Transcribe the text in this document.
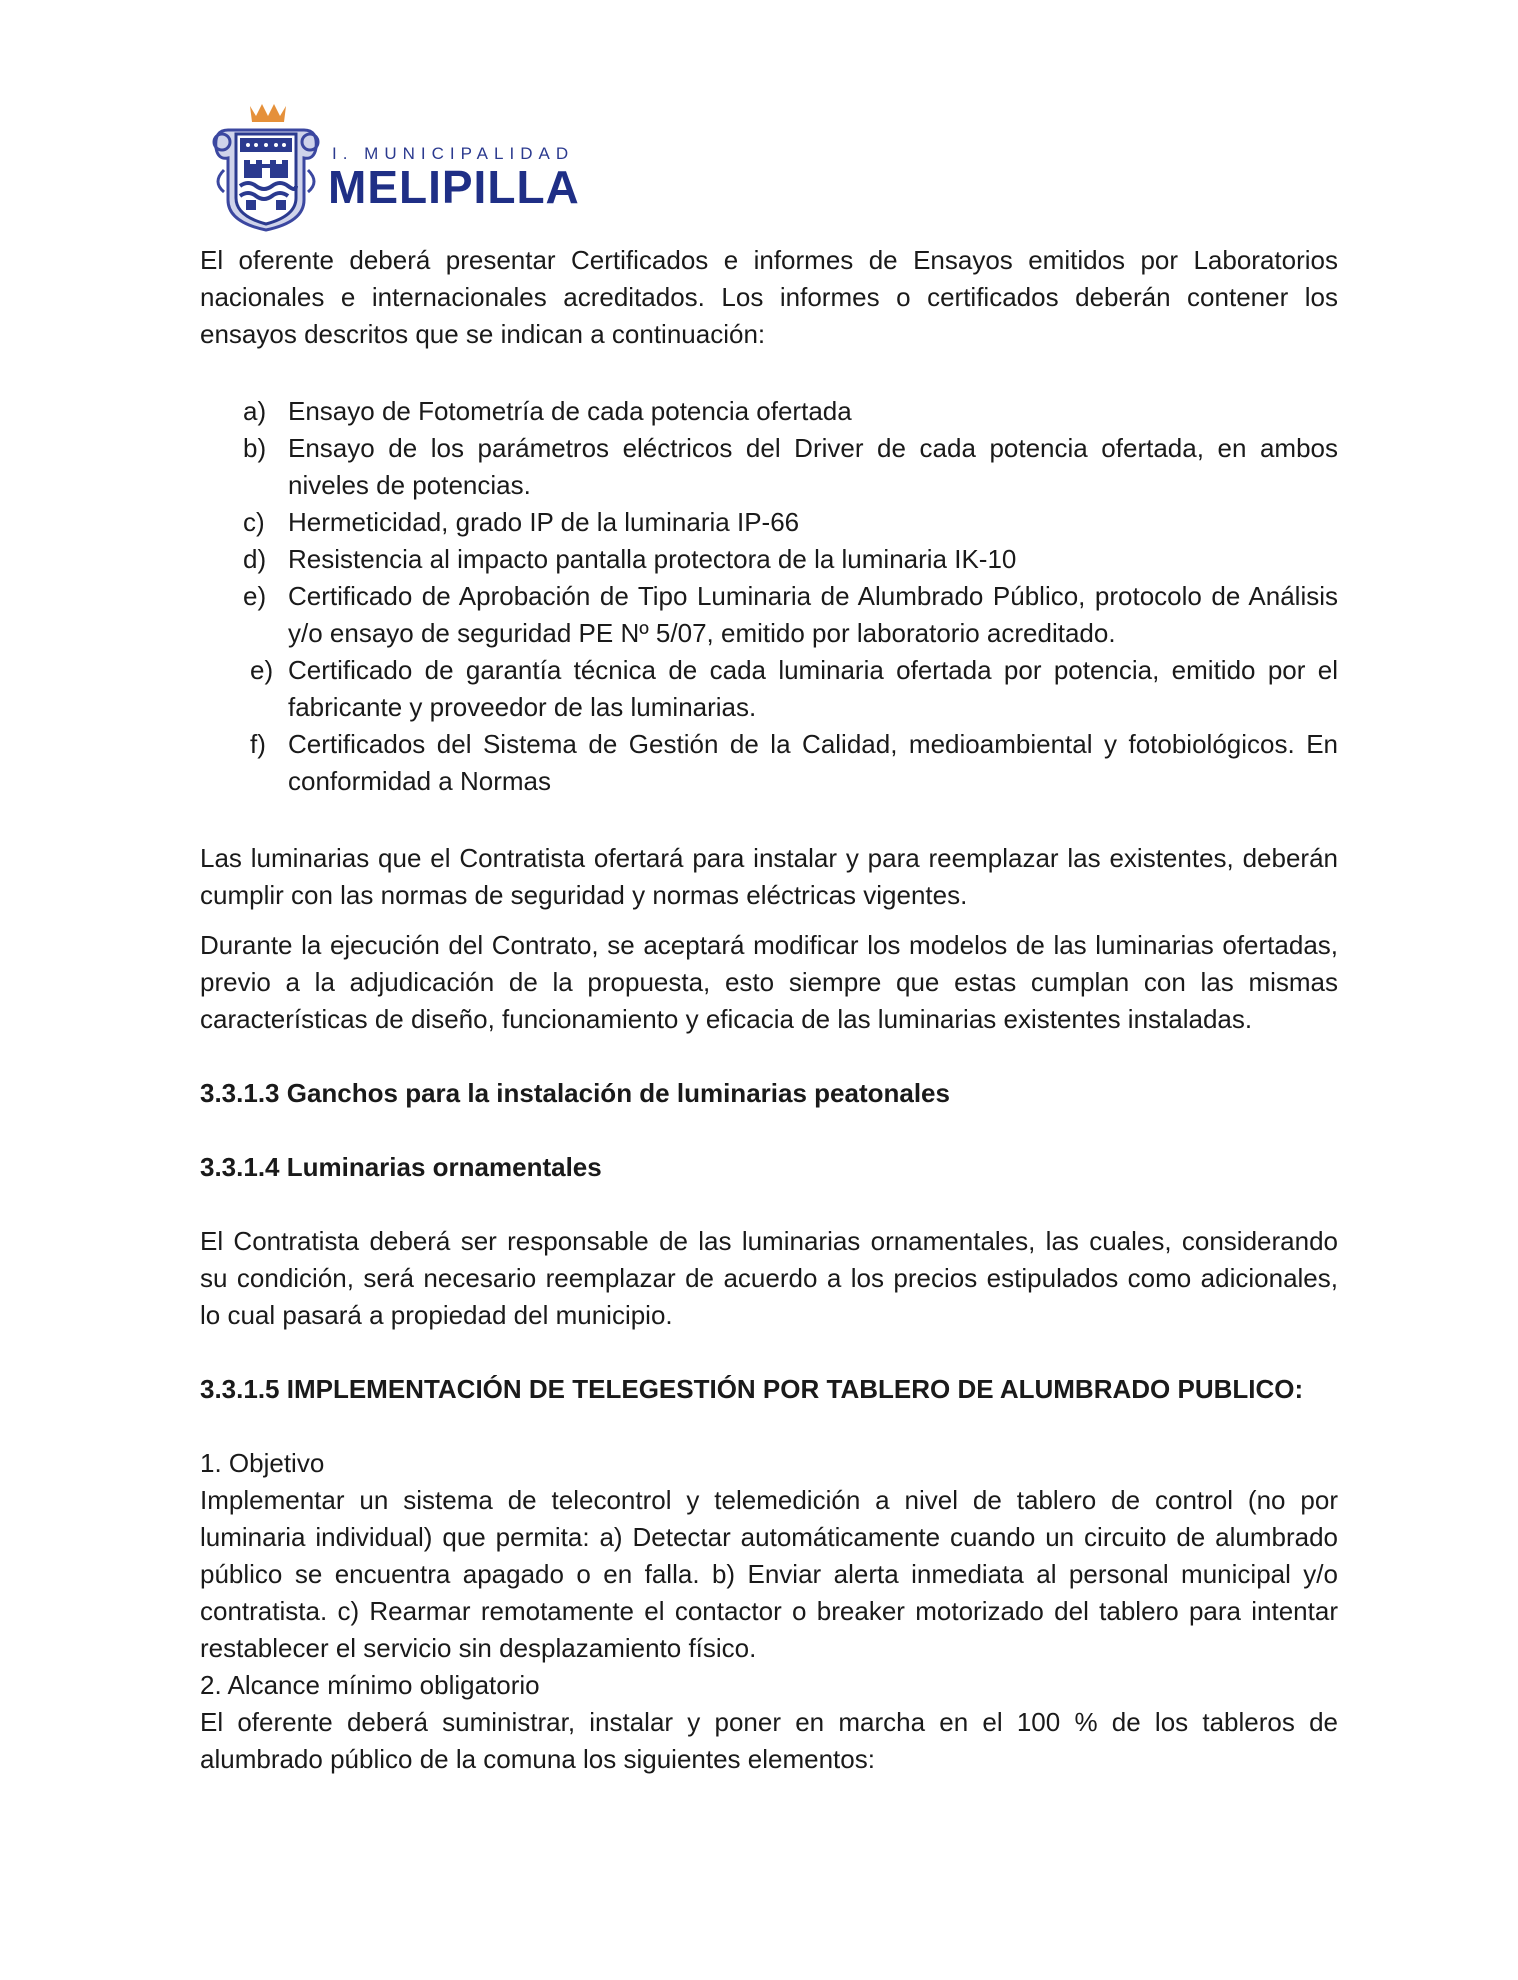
I. MUNICIPALIDAD
MELIPILLA

El oferente deberá presentar Certificados e informes de Ensayos emitidos por Laboratorios nacionales e internacionales acreditados. Los informes o certificados deberán contener los ensayos descritos que se indican a continuación:

a) Ensayo de Fotometría de cada potencia ofertada
b) Ensayo de los parámetros eléctricos del Driver de cada potencia ofertada, en ambos niveles de potencias.
c) Hermeticidad, grado IP de la luminaria IP-66
d) Resistencia al impacto pantalla protectora de la luminaria IK-10
e) Certificado de Aprobación de Tipo Luminaria de Alumbrado Público, protocolo de Análisis y/o ensayo de seguridad PE Nº 5/07, emitido por laboratorio acreditado.
e) Certificado de garantía técnica de cada luminaria ofertada por potencia, emitido por el fabricante y proveedor de las luminarias.
f) Certificados del Sistema de Gestión de la Calidad, medioambiental y fotobiológicos. En conformidad a Normas

Las luminarias que el Contratista ofertará para instalar y para reemplazar las existentes, deberán cumplir con las normas de seguridad y normas eléctricas vigentes.

Durante la ejecución del Contrato, se aceptará modificar los modelos de las luminarias ofertadas, previo a la adjudicación de la propuesta, esto siempre que estas cumplan con las mismas características de diseño, funcionamiento y eficacia de las luminarias existentes instaladas.

3.3.1.3 Ganchos para la instalación de luminarias peatonales

3.3.1.4 Luminarias ornamentales

El Contratista deberá ser responsable de las luminarias ornamentales, las cuales, considerando su condición, será necesario reemplazar de acuerdo a los precios estipulados como adicionales, lo cual pasará a propiedad del municipio.

3.3.1.5 IMPLEMENTACIÓN DE TELEGESTIÓN POR TABLERO DE ALUMBRADO PUBLICO:

1. Objetivo

Implementar un sistema de telecontrol y telemedición a nivel de tablero de control (no por luminaria individual) que permita: a) Detectar automáticamente cuando un circuito de alumbrado público se encuentra apagado o en falla. b) Enviar alerta inmediata al personal municipal y/o contratista. c) Rearmar remotamente el contactor o breaker motorizado del tablero para intentar restablecer el servicio sin desplazamiento físico.

2. Alcance mínimo obligatorio

El oferente deberá suministrar, instalar y poner en marcha en el 100 % de los tableros de alumbrado público de la comuna los siguientes elementos:
